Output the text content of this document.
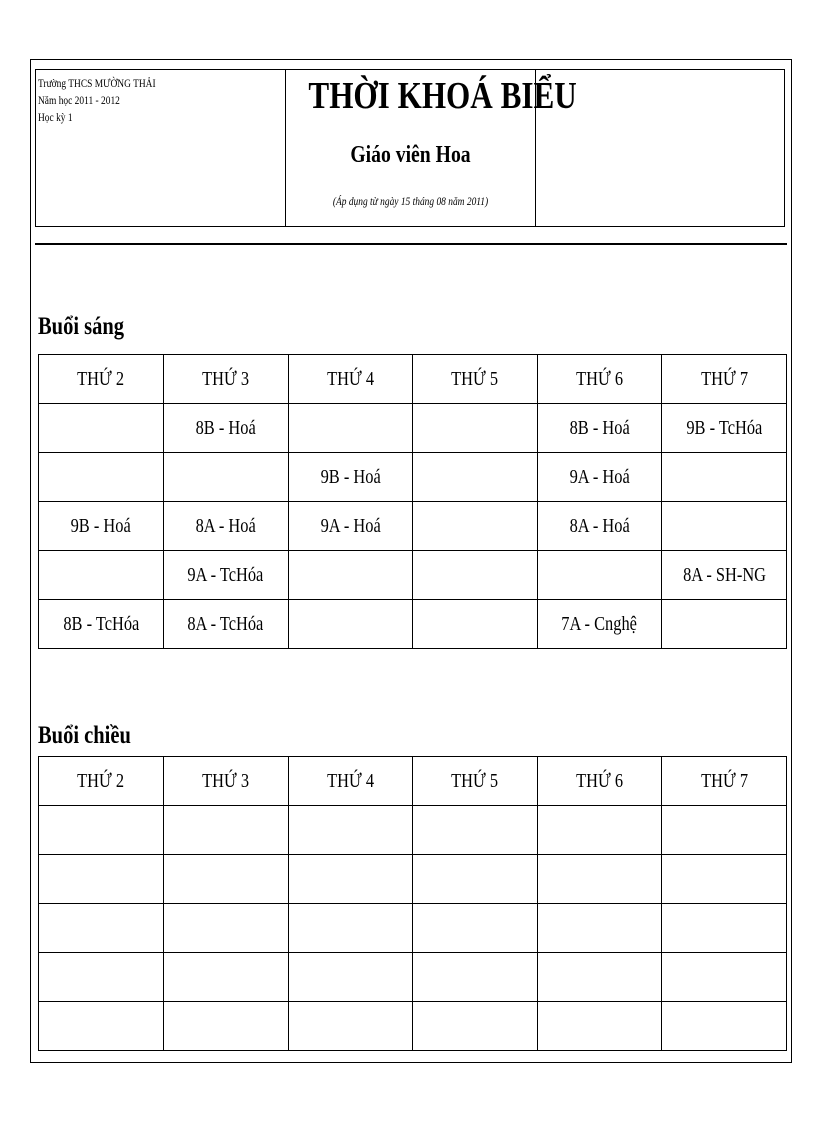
Trường THCS MƯỜNG THẢI
Năm học 2011 - 2012
Học kỳ 1
THỜI KHOÁ BIỂU
Giáo viên Hoa
(Áp dụng từ ngày 15 tháng 08 năm 2011)
Buổi sáng
THỨ 2	THỨ 3	THỨ 4	THỨ 5	THỨ 6	THỨ 7
	8B - Hoá			8B - Hoá	9B - TcHóa
		9B - Hoá		9A - Hoá	
9B - Hoá	8A - Hoá	9A - Hoá		8A - Hoá	
	9A - TcHóa				8A - SH-NG
8B - TcHóa	8A - TcHóa			7A - Cnghệ	
Buổi chiều
THỨ 2	THỨ 3	THỨ 4	THỨ 5	THỨ 6	THỨ 7
